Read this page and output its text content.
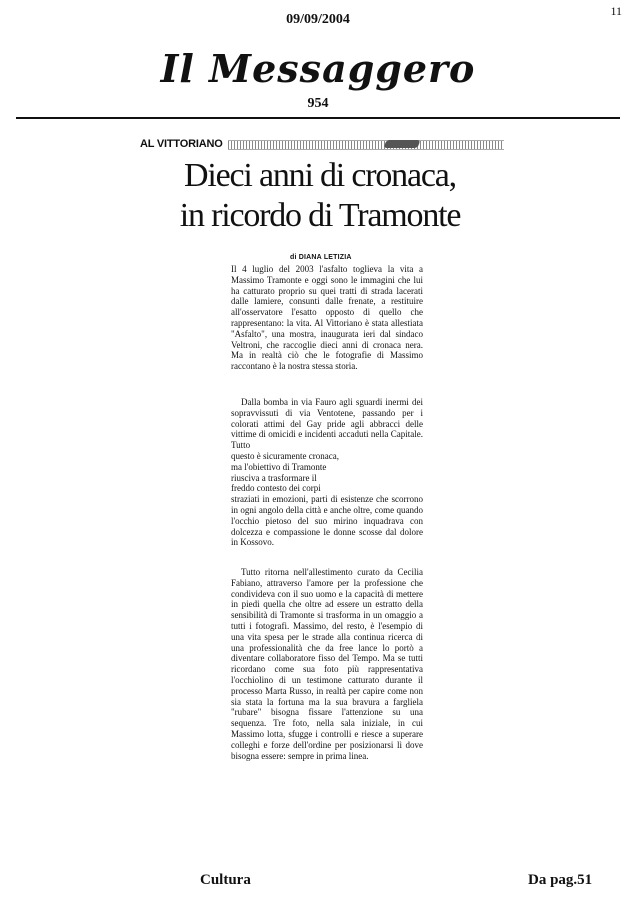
11
09/09/2004
Il Messaggero
954
AL VITTORIANO
Dieci anni di cronaca,
in ricordo di Tramonte
di DIANA LETIZIA

Il 4 luglio del 2003 l'asfalto toglieva la vita a Massimo Tramonte e oggi sono le immagini che lui ha catturato proprio su quei tratti di strada lacerati dalle lamiere, consunti dalle frenate, a restituire all'osservatore l'esatto opposto di quello che rappresentano: la vita. Al Vittoriano è stata allestiata "Asfalto", una mostra, inaugurata ieri dal sindaco Veltroni, che raccoglie dieci anni di cronaca nera. Ma in realtà ciò che le fotografie di Massimo raccontano è la nostra stessa storia.

Dalla bomba in via Fauro agli sguardi inermi dei sopravvissuti di via Ventotene, passando per i colorati attimi del Gay pride agli abbracci delle vittime di omicidi e incidenti accaduti nella Capitale. Tutto

questo è sicuramente cronaca, ma l'obiettivo di Tramonte riusciva a trasformare il freddo contesto dei corpi

straziati in emozioni, parti di esistenze che scorrono in ogni angolo della città e anche oltre, come quando l'occhio pietoso del suo mirino inquadrava con dolcezza e compassione le donne scosse dal dolore in Kossovo.

Tutto ritorna nell'allestimento curato da Cecilia Fabiano, attraverso l'amore per la professione che condivideva con il suo uomo e la capacità di mettere in piedi quella che oltre ad essere un estratto della sensibilità di Tramonte si trasforma in un omaggio a tutti i fotografi. Massimo, del resto, è l'esempio di una vita spesa per le strade alla continua ricerca di una professionalità che da free lance lo portò a diventare collaboratore fisso del Tempo. Ma se tutti ricordano come sua foto più rappresentativa l'occhiolino di un testimone catturato durante il processo Marta Russo, in realtà per capire come non sia stata la fortuna ma la sua bravura a fargliela "rubare" bisogna fissare l'attenzione su una sequenza. Tre foto, nella sala iniziale, in cui Massimo lotta, sfugge i controlli e riesce a superare colleghi e forze dell'ordine per posizionarsi lì dove bisogna essere: sempre in prima linea.

Cultura	Da pag.51
